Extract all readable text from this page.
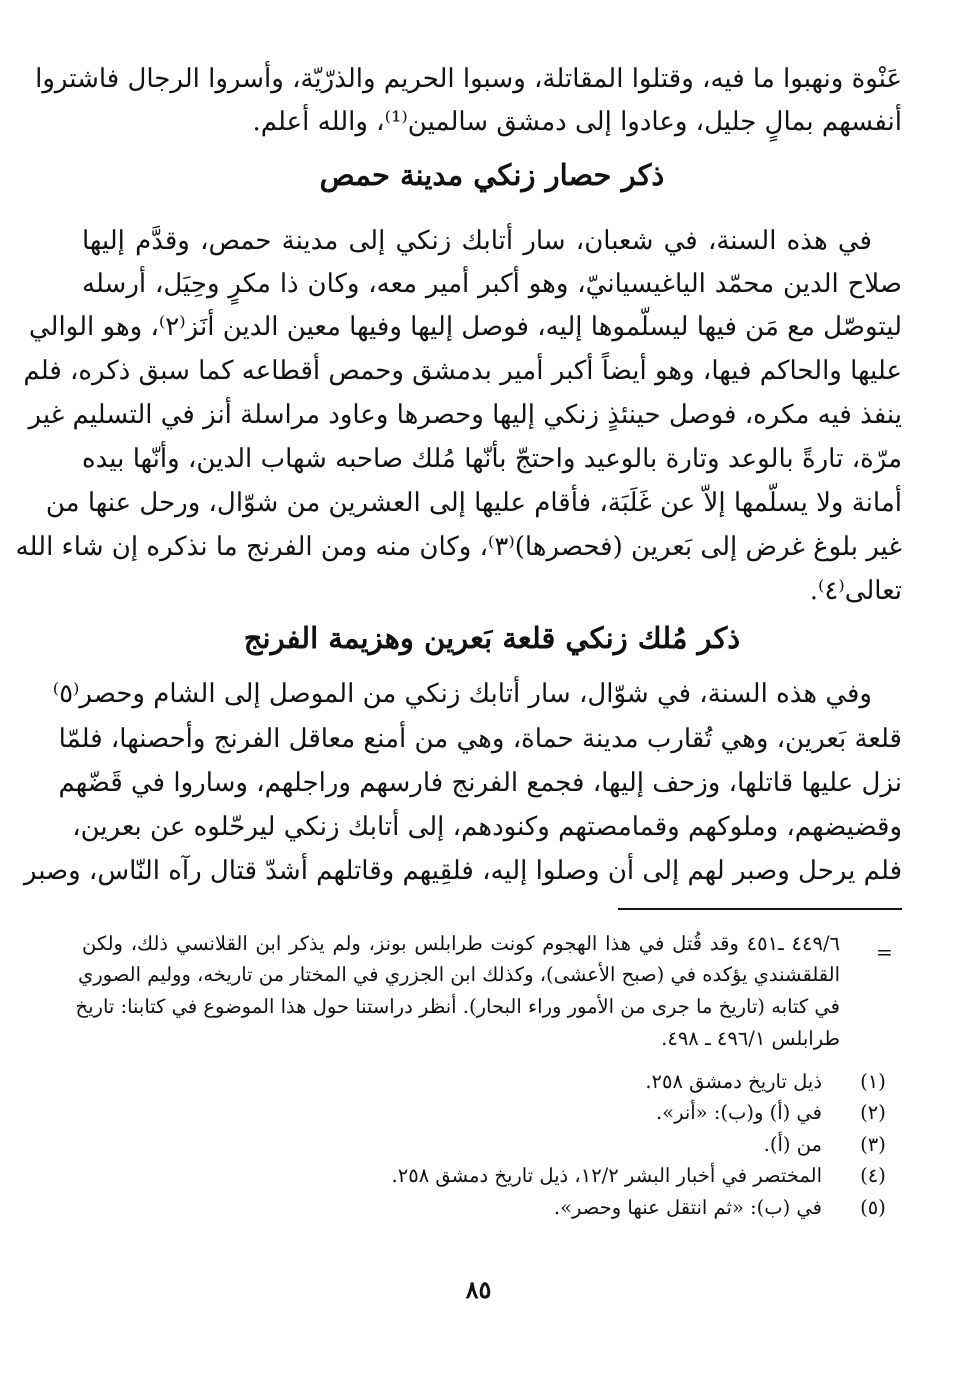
عَنْوة ونهبوا ما فيه، وقتلوا المقاتلة، وسبوا الحريم والذرّيّة، وأسروا الرجال فاشتروا
أنفسهم بمالٍ جليل، وعادوا إلى دمشق سالمين⁽¹⁾، والله أعلم.
ذكر حصار زنكي مدينة حمص
في هذه السنة، في شعبان، سار أتابك زنكي إلى مدينة حمص، وقدَّم إليها
صلاح الدين محمّد الياغيسيانيّ، وهو أكبر أمير معه، وكان ذا مكرٍ وحِيَل، أرسله
ليتوصّل مع مَن فيها ليسلّموها إليه، فوصل إليها وفيها معين الدين أنَز⁽٢⁾، وهو الوالي
عليها والحاكم فيها، وهو أيضاً أكبر أمير بدمشق وحمص أقطاعه كما سبق ذكره، فلم
ينفذ فيه مكره، فوصل حينئذٍ زنكي إليها وحصرها وعاود مراسلة أنز في التسليم غير
مرّة، تارةً بالوعد وتارة بالوعيد واحتجّ بأنّها مُلك صاحبه شهاب الدين، وأنّها بيده
أمانة ولا يسلّمها إلاّ عن غَلَبَة، فأقام عليها إلى العشرين من شوّال، ورحل عنها من
غير بلوغ غرض إلى بَعرين (فحصرها)⁽٣⁾، وكان منه ومن الفرنج ما نذكره إن شاء الله
تعالى⁽٤⁾.
ذكر مُلك زنكي قلعة بَعرين وهزيمة الفرنج
وفي هذه السنة، في شوّال، سار أتابك زنكي من الموصل إلى الشام وحصر⁽٥⁾
قلعة بَعرين، وهي تُقارب مدينة حماة، وهي من أمنع معاقل الفرنج وأحصنها، فلمّا
نزل عليها قاتلها، وزحف إليها، فجمع الفرنج فارسهم وراجلهم، وساروا في قَضّهم
وقضيضهم، وملوكهم وقمامصتهم وكنودهم، إلى أتابك زنكي ليرحّلوه عن بعرين،
فلم يرحل وصبر لهم إلى أن وصلوا إليه، فلقِيهم وقاتلهم أشدّ قتال رآه النّاس، وصبر
=
٤٤٩/٦ ـ٤٥١ وقد قُتل في هذا الهجوم كونت طرابلس بونز، ولم يذكر ابن القلانسي ذلك، ولكن
القلقشندي يؤكده في (صبح الأعشى)، وكذلك ابن الجزري في المختار من تاريخه، ووليم الصوري
في كتابه (تاريخ ما جرى من الأمور وراء البحار). أنظر دراستنا حول هذا الموضوع في كتابنا: تاريخ
طرابلس ٤٩٦/١ ـ ٤٩٨.
(١)
ذيل تاريخ دمشق ٢٥٨.
(٢)
في (أ) و(ب): «أنر».
(٣)
من (أ).
(٤)
المختصر في أخبار البشر ١٢/٢، ذيل تاريخ دمشق ٢٥٨.
(٥)
في (ب): «ثم انتقل عنها وحصر».
٨٥
